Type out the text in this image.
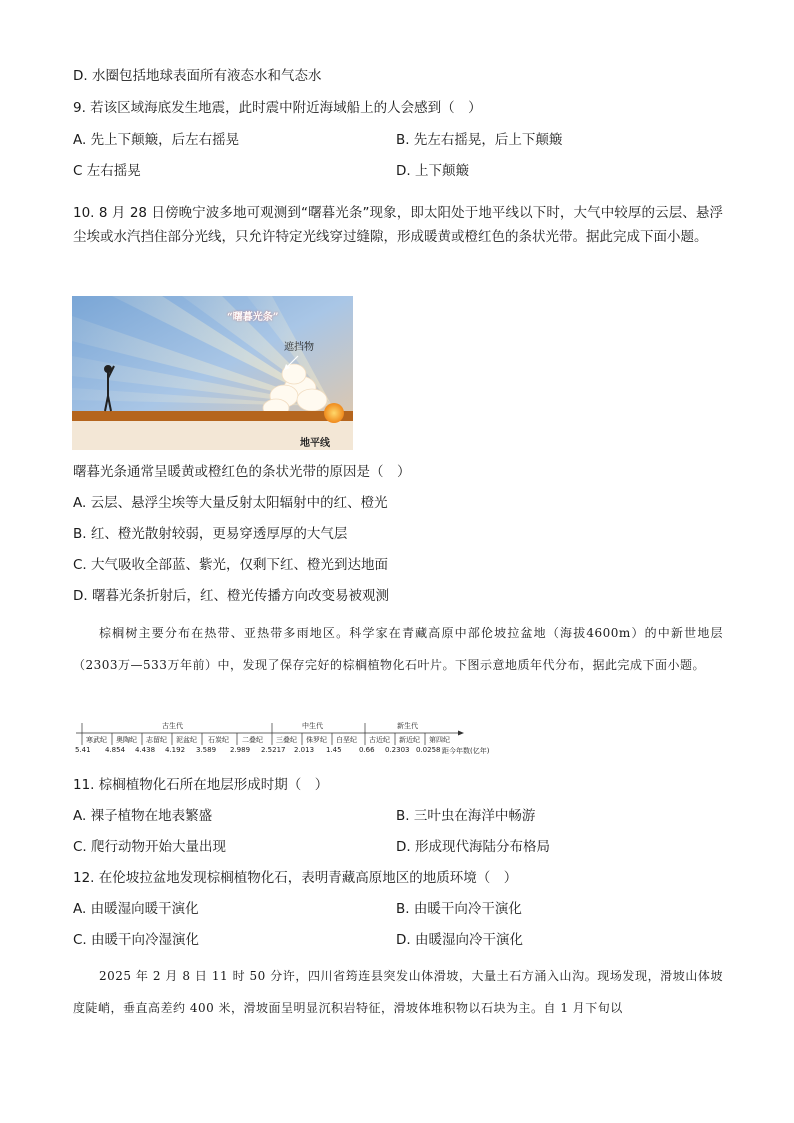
D. 水圈包括地球表面所有液态水和气态水
9. 若该区域海底发生地震，此时震中附近海域船上的人会感到（　）
A. 先上下颠簸，后左右摇晃	B. 先左右摇晃，后上下颠簸
C 左右摇晃	D. 上下颠簸
10. 8 月 28 日傍晚宁波多地可观测到“曙暮光条”现象，即太阳处于地平线以下时，大气中较厚的云层、悬浮尘埃或水汽挡住部分光线，只允许特定光线穿过缝隙，形成暖黄或橙红色的条状光带。据此完成下面小题。
“曙暮光条”
遮挡物
地平线
曙暮光条通常呈暖黄或橙红色的条状光带的原因是（　）
A. 云层、悬浮尘埃等大量反射太阳辐射中的红、橙光
B. 红、橙光散射较弱，更易穿透厚厚的大气层
C. 大气吸收全部蓝、紫光，仅剩下红、橙光到达地面
D. 曙暮光条折射后，红、橙光传播方向改变易被观测
棕榈树主要分布在热带、亚热带多雨地区。科学家在青藏高原中部伦坡拉盆地（海拔4600m）的中新世地层（2303万—533万年前）中，发现了保存完好的棕榈植物化石叶片。下图示意地质年代分布，据此完成下面小题。
古生代	中生代	新生代
寒武纪 奥陶纪 志留纪 泥盆纪 石炭纪 二叠纪 三叠纪 侏罗纪 白垩纪 古近纪 新近纪 第四纪
5.41 4.854 4.438 4.192 3.589 2.989 2.5217 2.013 1.45 0.66 0.2303 0.0258 距今年数(亿年)
11. 棕榈植物化石所在地层形成时期（　）
A. 裸子植物在地表繁盛	B. 三叶虫在海洋中畅游
C. 爬行动物开始大量出现	D. 形成现代海陆分布格局
12. 在伦坡拉盆地发现棕榈植物化石，表明青藏高原地区的地质环境（　）
A. 由暖湿向暖干演化	B. 由暖干向冷干演化
C. 由暖干向冷湿演化	D. 由暖湿向冷干演化
2025 年 2 月 8 日 11 时 50 分许，四川省筠连县突发山体滑坡，大量土石方涌入山沟。现场发现，滑坡山体坡度陡峭，垂直高差约 400 米，滑坡面呈明显沉积岩特征，滑坡体堆积物以石块为主。自 1 月下旬以
